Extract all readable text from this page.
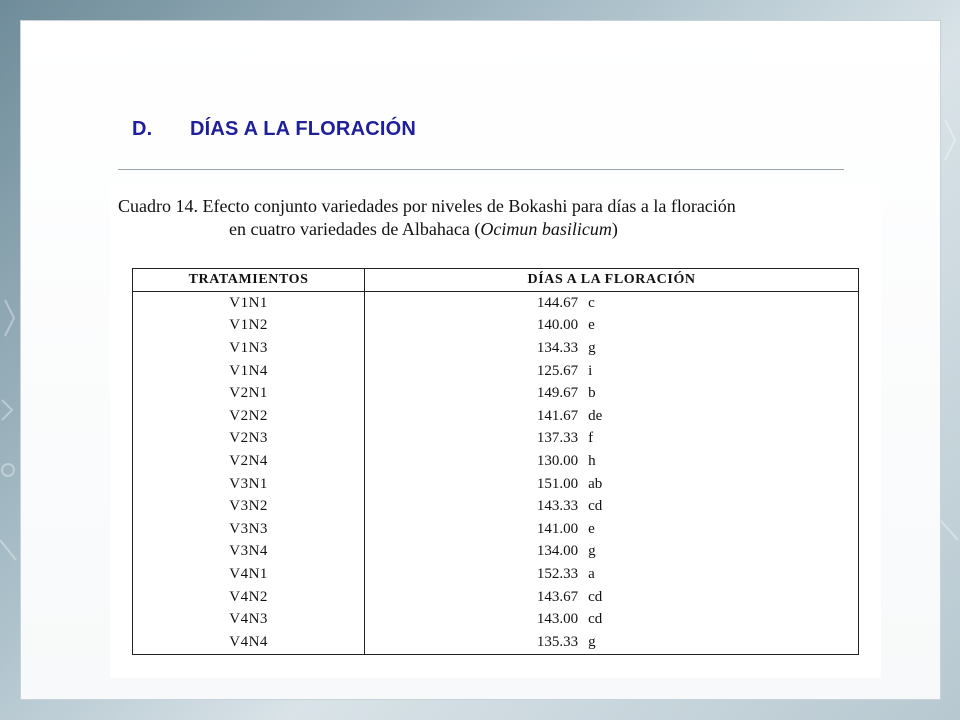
D. DÍAS A LA FLORACIÓN
Cuadro 14. Efecto conjunto variedades por niveles de Bokashi para días a la floración
en cuatro variedades de Albahaca (Ocimun basilicum)
TRATAMIENTOS	DÍAS A LA FLORACIÓN
V1N1	144.67 c
V1N2	140.00 e
V1N3	134.33 g
V1N4	125.67 i
V2N1	149.67 b
V2N2	141.67 de
V2N3	137.33 f
V2N4	130.00 h
V3N1	151.00 ab
V3N2	143.33 cd
V3N3	141.00 e
V3N4	134.00 g
V4N1	152.33 a
V4N2	143.67 cd
V4N3	143.00 cd
V4N4	135.33 g
